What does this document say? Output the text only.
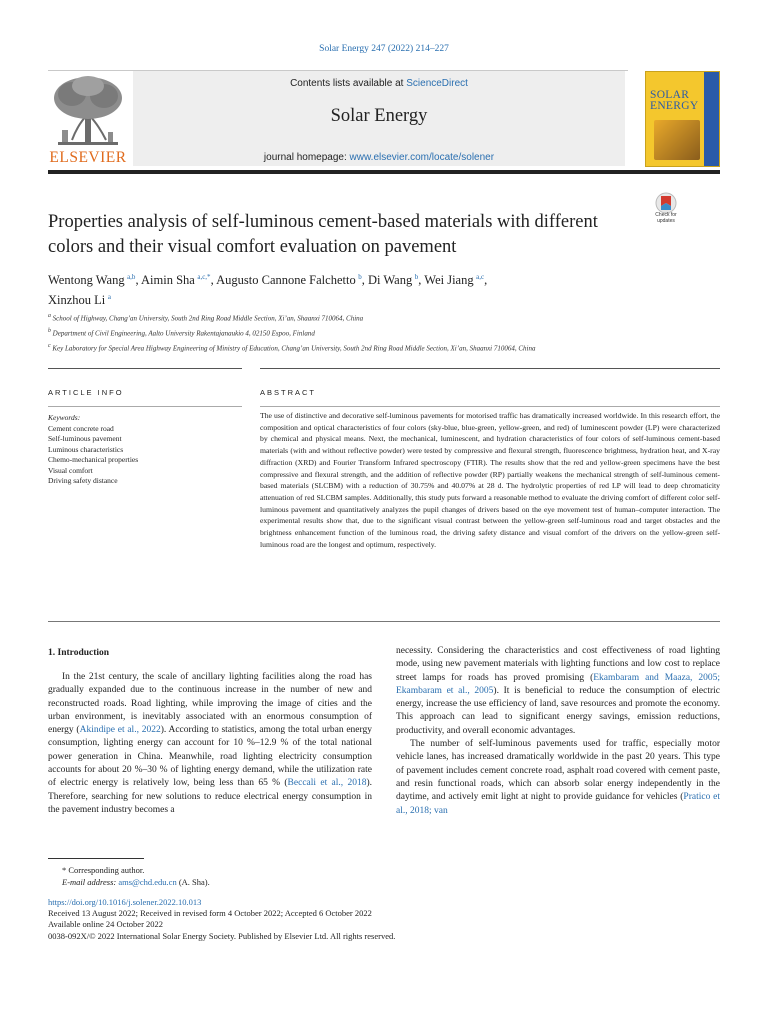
Solar Energy 247 (2022) 214–227
ELSEVIER
Contents lists available at ScienceDirect
Solar Energy
journal homepage: www.elsevier.com/locate/solener
SOLAR
ENERGY
Properties analysis of self-luminous cement-based materials with different colors and their visual comfort evaluation on pavement
Check for
updates
Wentong Wang  $^{a,b}$, Aimin Sha  $^{a,c,*}$, Augusto Cannone Falchetto  $^b$, Di Wang  $^b$, Wei Jiang  $^{a,c}$,
Xinzhou Li  $^a$

$^a$ School of Highway, Chang’an University, South 2nd Ring Road Middle Section, Xi’an, Shaanxi 710064, China

$^b$ Department of Civil Engineering, Aalto University Rakentajanaukio 4, 02150 Espoo, Finland

$^c$ Key Laboratory for Special Area Highway Engineering of Ministry of Education, Chang’an University, South 2nd Ring Road Middle Section, Xi’an, Shaanxi 710064, China

ARTICLE INFO	ABSTRACT
Keywords:
Cement concrete road
Self-luminous pavement
Luminous characteristics
Chemo-mechanical properties
Visual comfort
Driving safety distance
The use of distinctive and decorative self-luminous pavements for motorised traffic has dramatically increased worldwide. In this research effort, the composition and optical characteristics of four colors (sky-blue, blue-green, yellow-green, and red) of luminescent powder (LP) were characterized by chemical and physical means. Next, the mechanical, luminescent, and hydration characteristics of four colors of self-luminous cement-based materials (with and without reflective powder) were tested by compressive and flexural strength, fluorescence brightness, hydration heat, and X-ray diffraction (XRD) and Fourier Transform Infrared spectroscopy (FTIR). The results show that the red and yellow-green specimens have the best compressive and flexural strength, and the addition of reflective powder (RP) partially weakens the mechanical strength of self-luminous cement-based materials (SLCBM) with a reduction of 30.75% and 40.07% at 28 d. The hydrolytic properties of red LP will lead to deep chromaticity attenuation of red SLCBM samples. Additionally, this study puts forward a reasonable method to evaluate the driving comfort of different color self-luminous pavement and quantitatively analyzes the pupil changes of drivers based on the eye movement test of human–computer interaction. The experimental results show that, due to the significant visual contrast between the yellow-green self-luminous road and target obstacles and the brightness enhancement function of the luminous road, the driving safety distance and visual comfort of the drivers on the yellow-green self-luminous road are the longest and optimum, respectively.
1. Introduction

In the 21st century, the scale of ancillary lighting facilities along the road has gradually expanded due to the continuous increase in the number of new and reconstructed roads. Road lighting, while improving the image of cities and the urban environment, is inevitably associated with an enormous consumption of energy (Akindipe et al., 2022). According to statistics, among the total urban energy consumption, lighting energy can account for 10 %–12.9 % of the total national power generation in China. Meanwhile, road lighting electricity consumption accounts for about 20 %–30 % of lighting energy demand, while the utilization rate of electric energy is relatively low, being less than 65 % (Beccali et al., 2018). Therefore, searching for new solutions to reduce electrical energy consumption in the pavement industry becomes a

necessity. Considering the characteristics and cost effectiveness of road lighting mode, using new pavement materials with lighting functions and low cost to replace street lamps for roads has proved promising (Ekambaram and Maaza, 2005; Ekambaram et al., 2005). It is beneficial to reduce the consumption of electric energy, increase the use efficiency of land, save resources and promote the economy. This approach can lead to significant energy savings, emission reductions, productivity, and overall economic advantages.

The number of self-luminous pavements used for traffic, especially motor vehicle lanes, has increased dramatically worldwide in the past 20 years. This type of pavement includes cement concrete road, asphalt road covered with cement paste, and resin functional roads, which can absorb solar energy independently in the daytime, and actively emit light at night to provide guidance for vehicles (Pratico et al., 2018; van

* Corresponding author.
E-mail address: ams@chd.edu.cn (A. Sha).
https://doi.org/10.1016/j.solener.2022.10.013
Received 13 August 2022; Received in revised form 4 October 2022; Accepted 6 October 2022
Available online 24 October 2022
0038-092X/© 2022 International Solar Energy Society. Published by Elsevier Ltd. All rights reserved.
